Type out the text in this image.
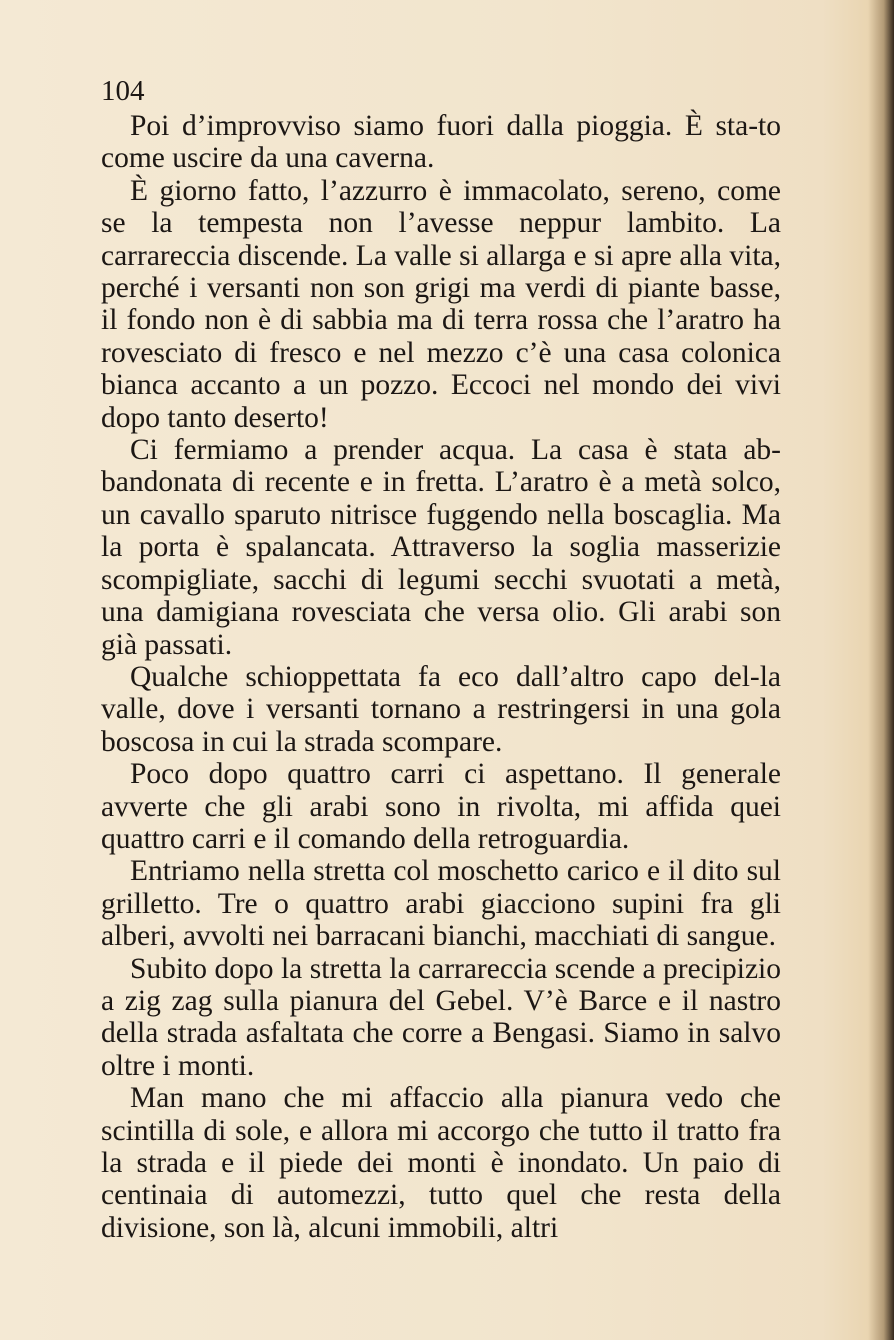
104

Poi d’improvviso siamo fuori dalla pioggia. È sta-to come uscire da una caverna.

È giorno fatto, l’azzurro è immacolato, sereno, come se la tempesta non l’avesse neppur lambito. La carrareccia discende. La valle si allarga e si apre alla vita, perché i versanti non son grigi ma verdi di piante basse, il fondo non è di sabbia ma di terra rossa che l’aratro ha rovesciato di fresco e nel mezzo c’è una casa colonica bianca accanto a un pozzo. Eccoci nel mondo dei vivi dopo tanto deserto!

Ci fermiamo a prender acqua. La casa è stata ab-bandonata di recente e in fretta. L’aratro è a metà solco, un cavallo sparuto nitrisce fuggendo nella boscaglia. Ma la porta è spalancata. Attraverso la soglia masserizie scompigliate, sacchi di legumi secchi svuotati a metà, una damigiana rovesciata che versa olio. Gli arabi son già passati.

Qualche schioppettata fa eco dall’altro capo del-la valle, dove i versanti tornano a restringersi in una gola boscosa in cui la strada scompare.

Poco dopo quattro carri ci aspettano. Il generale avverte che gli arabi sono in rivolta, mi affida quei quattro carri e il comando della retroguardia.

Entriamo nella stretta col moschetto carico e il dito sul grilletto. Tre o quattro arabi giacciono supini fra gli alberi, avvolti nei barracani bianchi, macchiati di sangue.

Subito dopo la stretta la carrareccia scende a precipizio a zig zag sulla pianura del Gebel. V’è Barce e il nastro della strada asfaltata che corre a Bengasi. Siamo in salvo oltre i monti.

Man mano che mi affaccio alla pianura vedo che scintilla di sole, e allora mi accorgo che tutto il tratto fra la strada e il piede dei monti è inondato. Un paio di centinaia di automezzi, tutto quel che resta della divisione, son là, alcuni immobili, altri
